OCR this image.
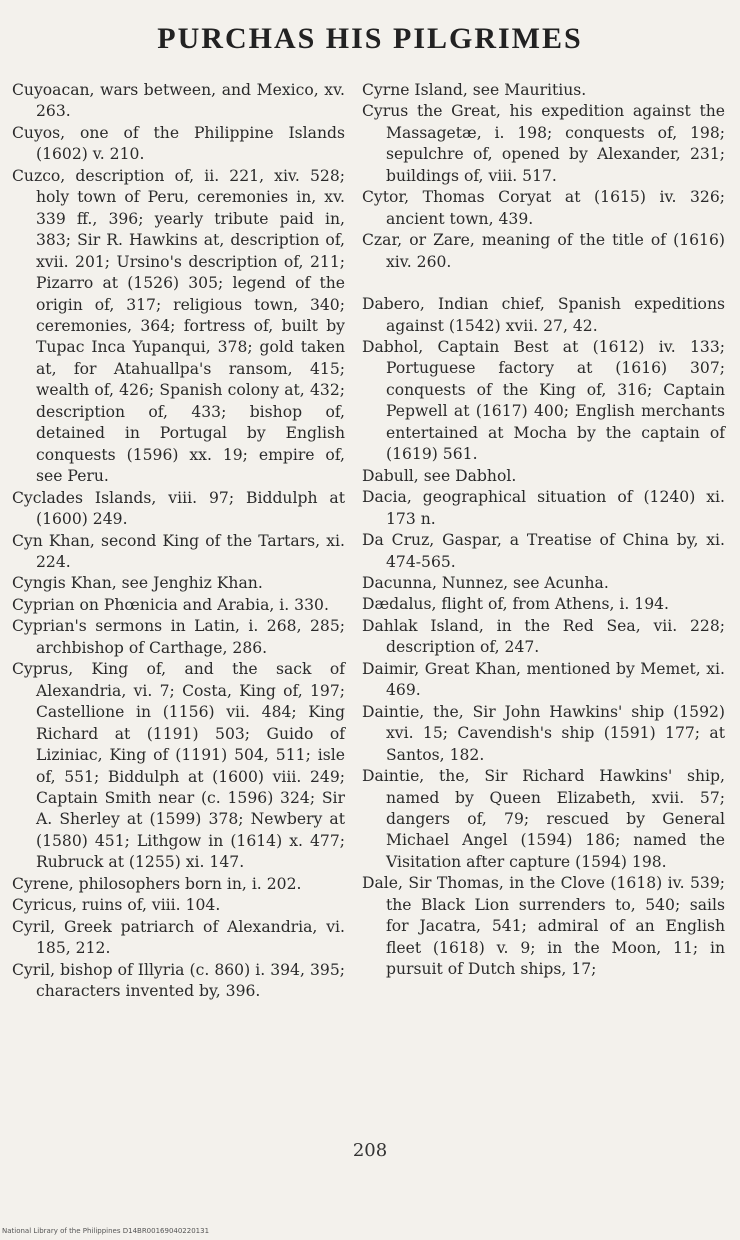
PURCHAS HIS PILGRIMES

Cuyoacan, wars between, and Mexico, xv. 263.

Cuyos, one of the Philippine Islands (1602) v. 210.

Cuzco, description of, ii. 221, xiv. 528; holy town of Peru, ceremonies in, xv. 339 ff., 396; yearly tribute paid in, 383; Sir R. Hawkins at, description of, xvii. 201; Ursino's description of, 211; Pizarro at (1526) 305; legend of the origin of, 317; religious town, 340; ceremonies, 364; fortress of, built by Tupac Inca Yupanqui, 378; gold taken at, for Atahuallpa's ransom, 415; wealth of, 426; Spanish colony at, 432; description of, 433; bishop of, detained in Portugal by English conquests (1596) xx. 19; empire of, see Peru.

Cyclades Islands, viii. 97; Biddulph at (1600) 249.

Cyn Khan, second King of the Tartars, xi. 224.

Cyngis Khan, see Jenghiz Khan.

Cyprian on Phœnicia and Arabia, i. 330.

Cyprian's sermons in Latin, i. 268, 285; archbishop of Carthage, 286.

Cyprus, King of, and the sack of Alexandria, vi. 7; Costa, King of, 197; Castellione in (1156) vii. 484; King Richard at (1191) 503; Guido of Liziniac, King of (1191) 504, 511; isle of, 551; Biddulph at (1600) viii. 249; Captain Smith near (c. 1596) 324; Sir A. Sherley at (1599) 378; Newbery at (1580) 451; Lithgow in (1614) x. 477; Rubruck at (1255) xi. 147.

Cyrene, philosophers born in, i. 202.

Cyricus, ruins of, viii. 104.

Cyril, Greek patriarch of Alexandria, vi. 185, 212.

Cyril, bishop of Illyria (c. 860) i. 394, 395; characters invented by, 396.

Cyrne Island, see Mauritius.

Cyrus the Great, his expedition against the Massagetæ, i. 198; conquests of, 198; sepulchre of, opened by Alexander, 231; buildings of, viii. 517.

Cytor, Thomas Coryat at (1615) iv. 326; ancient town, 439.

Czar, or Zare, meaning of the title of (1616) xiv. 260.

Dabero, Indian chief, Spanish expeditions against (1542) xvii. 27, 42.

Dabhol, Captain Best at (1612) iv. 133; Portuguese factory at (1616) 307; conquests of the King of, 316; Captain Pepwell at (1617) 400; English merchants entertained at Mocha by the captain of (1619) 561.

Dabull, see Dabhol.

Dacia, geographical situation of (1240) xi. 173 n.

Da Cruz, Gaspar, a Treatise of China by, xi. 474-565.

Dacunna, Nunnez, see Acunha.

Dædalus, flight of, from Athens, i. 194.

Dahlak Island, in the Red Sea, vii. 228; description of, 247.

Daimir, Great Khan, mentioned by Memet, xi. 469.

Daintie, the, Sir John Hawkins' ship (1592) xvi. 15; Cavendish's ship (1591) 177; at Santos, 182.

Daintie, the, Sir Richard Hawkins' ship, named by Queen Elizabeth, xvii. 57; dangers of, 79; rescued by General Michael Angel (1594) 186; named the Visitation after capture (1594) 198.

Dale, Sir Thomas, in the Clove (1618) iv. 539; the Black Lion surrenders to, 540; sails for Jacatra, 541; admiral of an English fleet (1618) v. 9; in the Moon, 11; in pursuit of Dutch ships, 17;

208
National Library of the Philippines D14BR00169040220131
